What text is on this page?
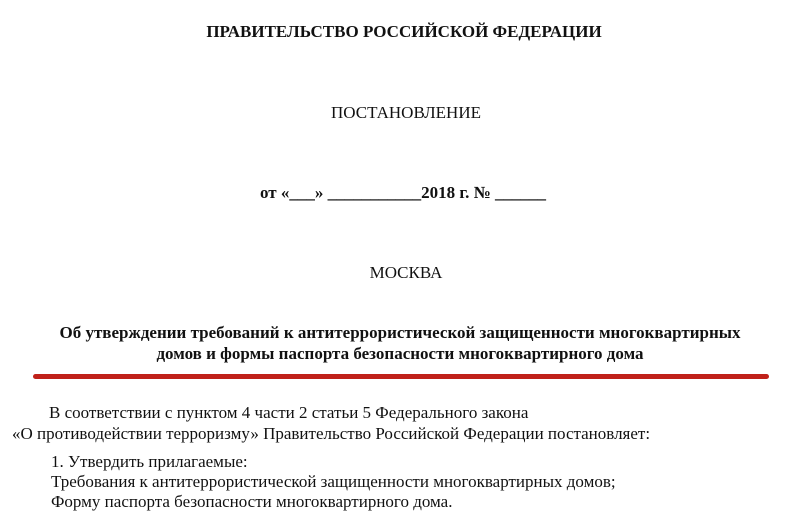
ПРАВИТЕЛЬСТВО РОССИЙСКОЙ ФЕДЕРАЦИИ
ПОСТАНОВЛЕНИЕ
от «___» ___________2018 г. № ______
МОСКВА
Об утверждении требований к антитеррористической защищенности многоквартирных
домов и формы паспорта безопасности многоквартирного дома
В соответствии с пунктом 4 части 2 статьи 5 Федерального закона
«О противодействии терроризму» Правительство Российской Федерации постановляет:
1. Утвердить прилагаемые:
Требования к антитеррористической защищенности многоквартирных домов;
Форму паспорта безопасности многоквартирного дома.
